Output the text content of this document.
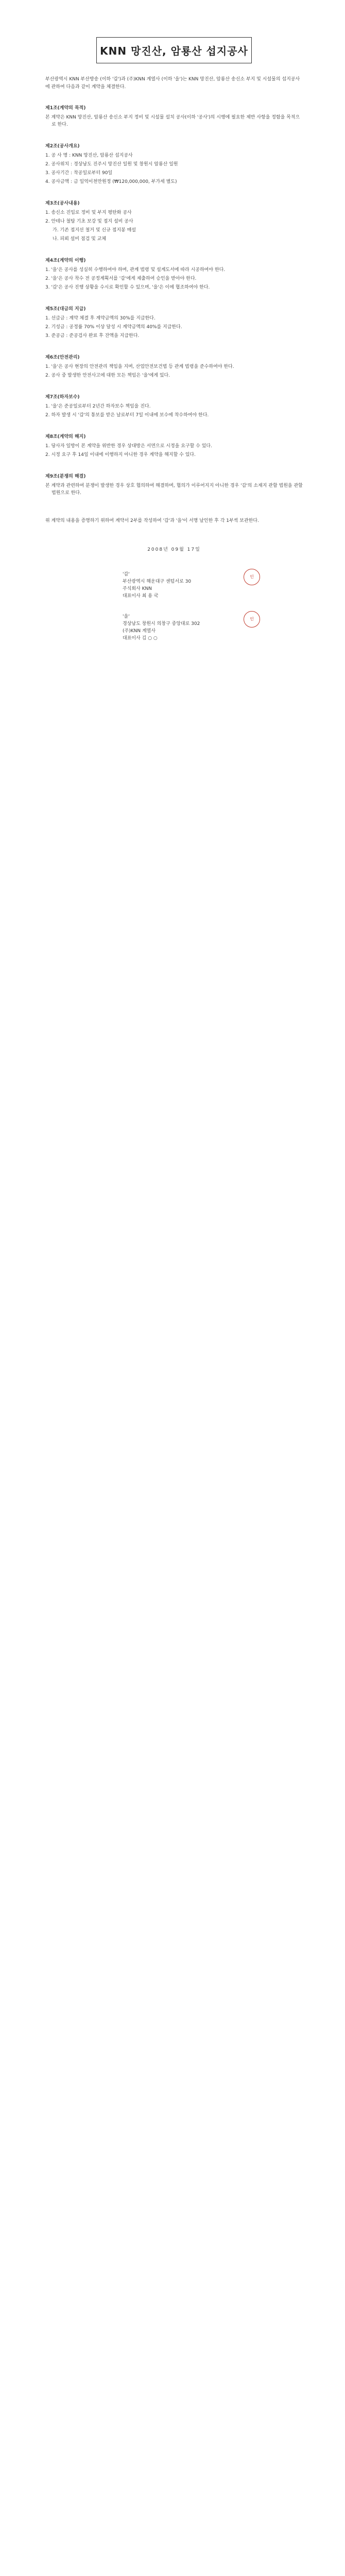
KNN 망진산, 암룡산 섭지공사
부산광역시 KNN 부산방송 (이하 '갑')과 (주)KNN 계열사 (이하 '을')는 KNN 망진산, 암룡산 송신소 부지 및 시설물의 섭지공사에 관하여 다음과 같이 계약을 체결한다.
제1조(계약의 목적)
본 계약은 KNN 망진산, 암룡산 송신소 부지 정비 및 시설물 설치 공사(이하 '공사')의 시행에 필요한 제반 사항을 정함을 목적으로 한다.
제2조(공사개요)
1. 공 사 명 : KNN 망진산, 암룡산 섭지공사
2. 공사위치 : 경상남도 진주시 망진산 일원 및 창원시 암룡산 일원
3. 공사기간 : 착공일로부터 90일
4. 공사금액 : 금 일억이천만원정 (₩120,000,000, 부가세 별도)
제3조(공사내용)
1. 송신소 진입로 정비 및 부지 평탄화 공사
2. 안테나 철탑 기초 보강 및 접지 설비 공사
가. 기존 접지선 철거 및 신규 접지봉 매설
나. 피뢰 설비 점검 및 교체
제4조(계약의 이행)
1. '을'은 공사를 성실히 수행하여야 하며, 관계 법령 및 설계도서에 따라 시공하여야 한다.
2. '을'은 공사 착수 전 공정계획서를 '갑'에게 제출하여 승인을 받아야 한다.
3. '갑'은 공사 진행 상황을 수시로 확인할 수 있으며, '을'은 이에 협조하여야 한다.
제5조(대금의 지급)
1. 선급금 : 계약 체결 후 계약금액의 30%를 지급한다.
2. 기성금 : 공정률 70% 이상 달성 시 계약금액의 40%를 지급한다.
3. 준공금 : 준공검사 완료 후 잔액을 지급한다.
제6조(안전관리)
1. '을'은 공사 현장의 안전관리 책임을 지며, 산업안전보건법 등 관계 법령을 준수하여야 한다.
2. 공사 중 발생한 안전사고에 대한 모든 책임은 '을'에게 있다.
제7조(하자보수)
1. '을'은 준공일로부터 2년간 하자보수 책임을 진다.
2. 하자 발생 시 '갑'의 통보를 받은 날로부터 7일 이내에 보수에 착수하여야 한다.
제8조(계약의 해지)
1. 당사자 일방이 본 계약을 위반한 경우 상대방은 서면으로 시정을 요구할 수 있다.
2. 시정 요구 후 14일 이내에 이행하지 아니한 경우 계약을 해지할 수 있다.
제9조(분쟁의 해결)
본 계약과 관련하여 분쟁이 발생한 경우 상호 협의하여 해결하며, 협의가 이루어지지 아니한 경우 '갑'의 소재지 관할 법원을 관할 법원으로 한다.
위 계약의 내용을 증명하기 위하여 계약서 2부를 작성하여 '갑'과 '을'이 서명 날인한 후 각 1부씩 보관한다.
2008년 09월 17일
'갑'
부산광역시 해운대구 센텀서로 30
주식회사 KNN
대표이사 최 용 국
인
'을'
경상남도 창원시 의창구 중앙대로 302
(주)KNN 계열사
대표이사 김 ○ ○
인
